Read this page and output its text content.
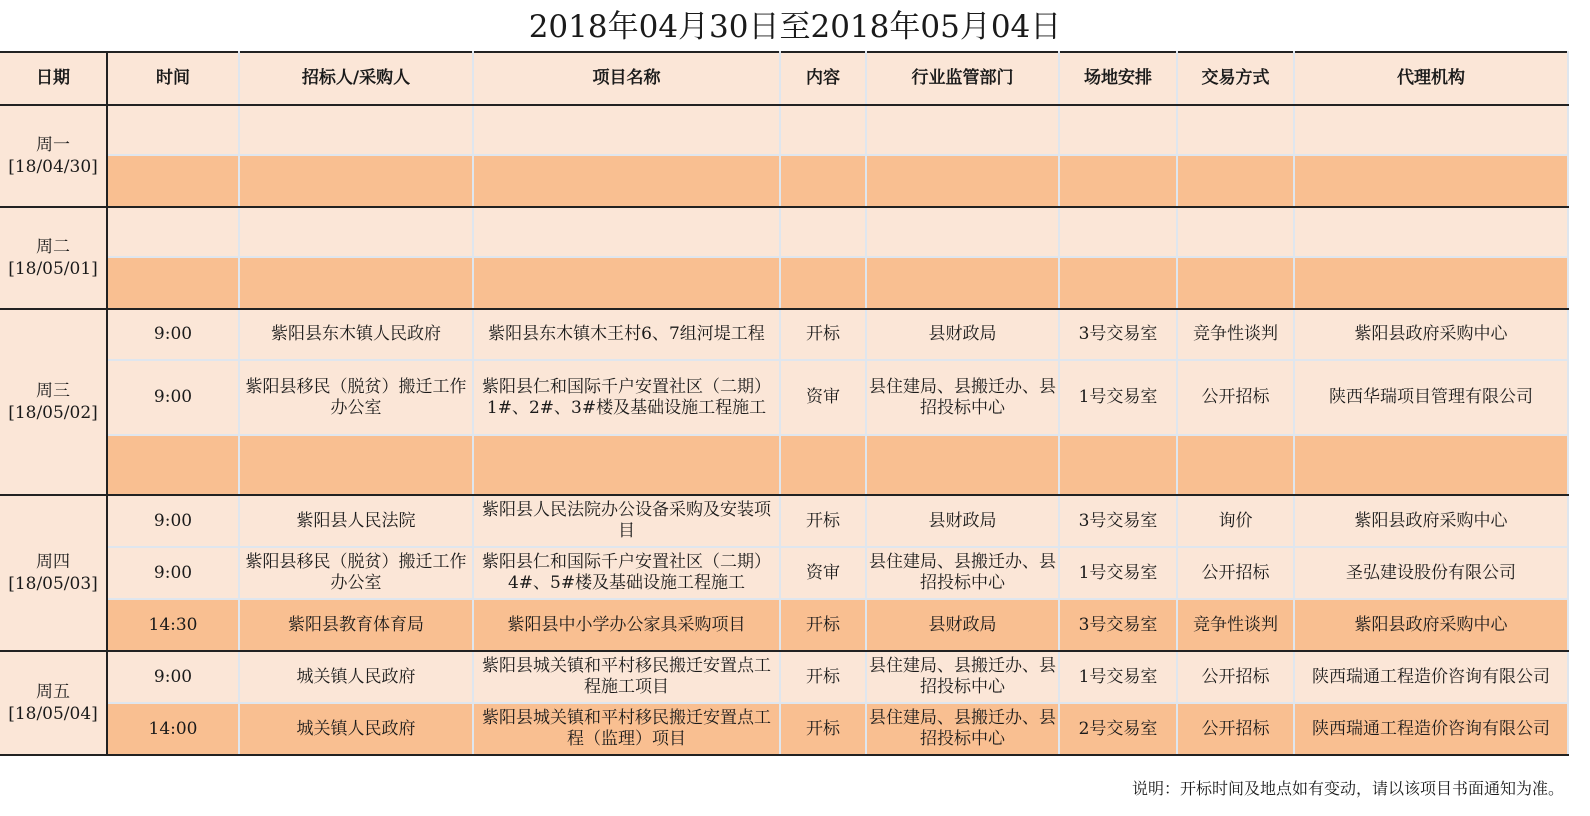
2018年04月30日至2018年05月04日
日期	时间	招标人/采购人	项目名称	内容	行业监管部门	场地安排	交易方式	代理机构

周一
[18/04/30]								

周二
[18/05/01]								

周三
[18/05/02]	9:00	紫阳县东木镇人民政府	紫阳县东木镇木王村6、7组河堤工程	开标	县财政局	3号交易室	竞争性谈判	紫阳县政府采购中心
	9:00	紫阳县移民（脱贫）搬迁工作办公室	紫阳县仁和国际千户安置社区（二期）1#、2#、3#楼及基础设施工程施工	资审	县住建局、县搬迁办、县招投标中心	1号交易室	公开招标	陕西华瑞项目管理有限公司

周四
[18/05/03]	9:00	紫阳县人民法院	紫阳县人民法院办公设备采购及安装项目	开标	县财政局	3号交易室	询价	紫阳县政府采购中心
	9:00	紫阳县移民（脱贫）搬迁工作办公室	紫阳县仁和国际千户安置社区（二期）4#、5#楼及基础设施工程施工	资审	县住建局、县搬迁办、县招投标中心	1号交易室	公开招标	圣弘建设股份有限公司
	14:30	紫阳县教育体育局	紫阳县中小学办公家具采购项目	开标	县财政局	3号交易室	竞争性谈判	紫阳县政府采购中心

周五
[18/05/04]	9:00	城关镇人民政府	紫阳县城关镇和平村移民搬迁安置点工程施工项目	开标	县住建局、县搬迁办、县招投标中心	1号交易室	公开招标	陕西瑞通工程造价咨询有限公司
	14:00	城关镇人民政府	紫阳县城关镇和平村移民搬迁安置点工程（监理）项目	开标	县住建局、县搬迁办、县招投标中心	2号交易室	公开招标	陕西瑞通工程造价咨询有限公司
说明：开标时间及地点如有变动，请以该项目书面通知为准。
